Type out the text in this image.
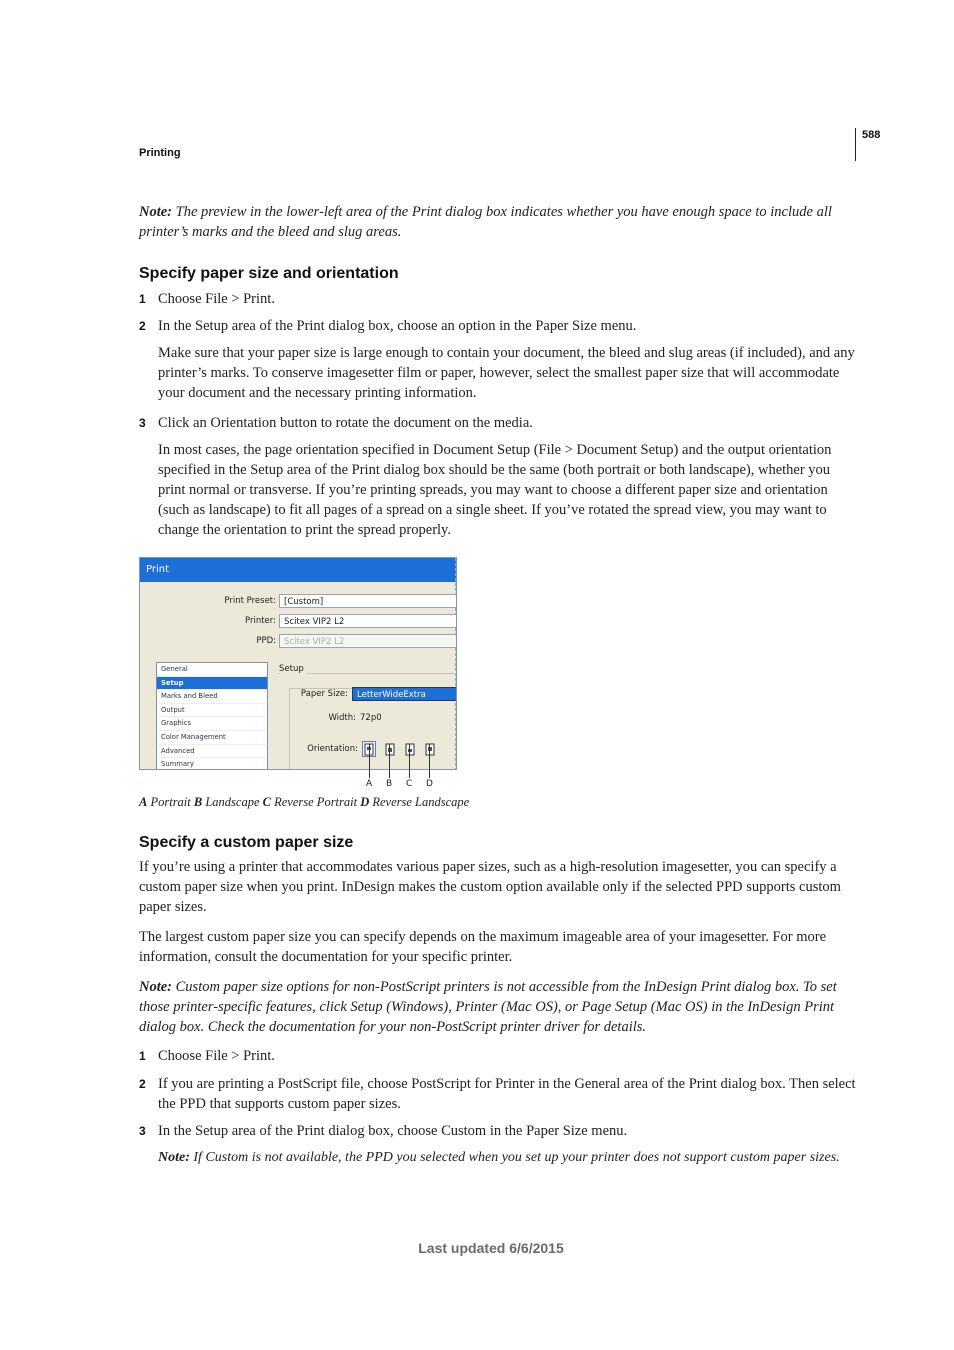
Printing
588
Note: The preview in the lower-left area of the Print dialog box indicates whether you have enough space to include all printer’s marks and the bleed and slug areas.
Specify paper size and orientation
1 Choose File > Print.
2 In the Setup area of the Print dialog box, choose an option in the Paper Size menu.
Make sure that your paper size is large enough to contain your document, the bleed and slug areas (if included), and any printer’s marks. To conserve imagesetter film or paper, however, select the smallest paper size that will accommodate your document and the necessary printing information.
3 Click an Orientation button to rotate the document on the media.
In most cases, the page orientation specified in Document Setup (File > Document Setup) and the output orientation specified in the Setup area of the Print dialog box should be the same (both portrait or both landscape), whether you print normal or transverse. If you’re printing spreads, you may want to choose a different paper size and orientation (such as landscape) to fit all pages of a spread on a single sheet. If you’ve rotated the spread view, you may want to change the orientation to print the spread properly.
Print
Print Preset: [Custom]
Printer: Scitex VIP2 L2
PPD: Scitex VIP2 L2
General
Setup
Marks and Bleed
Output
Graphics
Color Management
Advanced
Summary
Setup
Paper Size:	LetterWideExtra
Width: 72p0
Orientation:
A B C D
A Portrait B Landscape C Reverse Portrait D Reverse Landscape
Specify a custom paper size
If you’re using a printer that accommodates various paper sizes, such as a high-resolution imagesetter, you can specify a custom paper size when you print. InDesign makes the custom option available only if the selected PPD supports custom paper sizes.
The largest custom paper size you can specify depends on the maximum imageable area of your imagesetter. For more information, consult the documentation for your specific printer.
Note: Custom paper size options for non-PostScript printers is not accessible from the InDesign Print dialog box. To set those printer-specific features, click Setup (Windows), Printer (Mac OS), or Page Setup (Mac OS) in the InDesign Print dialog box. Check the documentation for your non-PostScript printer driver for details.
1 Choose File > Print.
2 If you are printing a PostScript file, choose PostScript for Printer in the General area of the Print dialog box. Then select the PPD that supports custom paper sizes.
3 In the Setup area of the Print dialog box, choose Custom in the Paper Size menu.
Note: If Custom is not available, the PPD you selected when you set up your printer does not support custom paper sizes.
Last updated 6/6/2015
